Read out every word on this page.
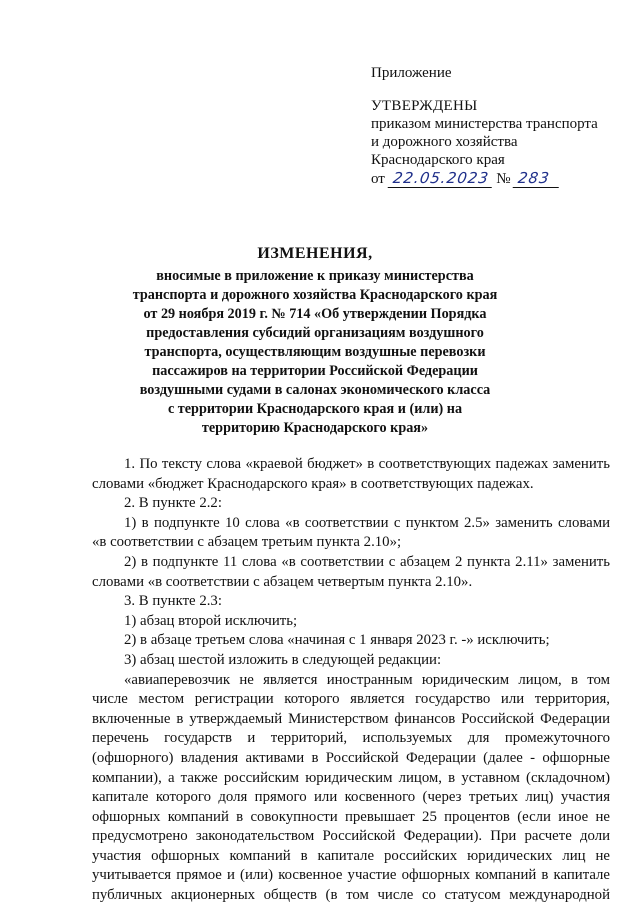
Приложение
УТВЕРЖДЕНЫ
приказом министерства транспорта
и дорожного хозяйства
Краснодарского края
от 22.05.2023 № 283
ИЗМЕНЕНИЯ,
вносимые в приложение к приказу министерства
транспорта и дорожного хозяйства Краснодарского края
от 29 ноября 2019 г. № 714 «Об утверждении Порядка
предоставления субсидий организациям воздушного
транспорта, осуществляющим воздушные перевозки
пассажиров на территории Российской Федерации
воздушными судами в салонах экономического класса
с территории Краснодарского края и (или) на
территорию Краснодарского края»
1. По тексту слова «краевой бюджет» в соответствующих падежах заменить словами «бюджет Краснодарского края» в соответствующих падежах.
2. В пункте 2.2:
1) в подпункте 10 слова «в соответствии с пунктом 2.5» заменить словами «в соответствии с абзацем третьим пункта 2.10»;
2) в подпункте 11 слова «в соответствии с абзацем 2 пункта 2.11» заменить словами «в соответствии с абзацем четвертым пункта 2.10».
3. В пункте 2.3:
1) абзац второй исключить;
2) в абзаце третьем слова «начиная с 1 января 2023 г. -» исключить;
3) абзац шестой изложить в следующей редакции:
«авиаперевозчик не является иностранным юридическим лицом, в том числе местом регистрации которого является государство или территория, включенные в утверждаемый Министерством финансов Российской Федерации перечень государств и территорий, используемых для промежуточного (офшорного) владения активами в Российской Федерации (далее - офшорные компании), а также российским юридическим лицом, в уставном (складочном) капитале которого доля прямого или косвенного (через третьих лиц) участия офшорных компаний в совокупности превышает 25 процентов (если иное не предусмотрено законодательством Российской Федерации). При расчете доли участия офшорных компаний в капитале российских юридических лиц не учитывается прямое и (или) косвенное участие офшорных компаний в капитале публичных акционерных обществ (в том числе со статусом международной
